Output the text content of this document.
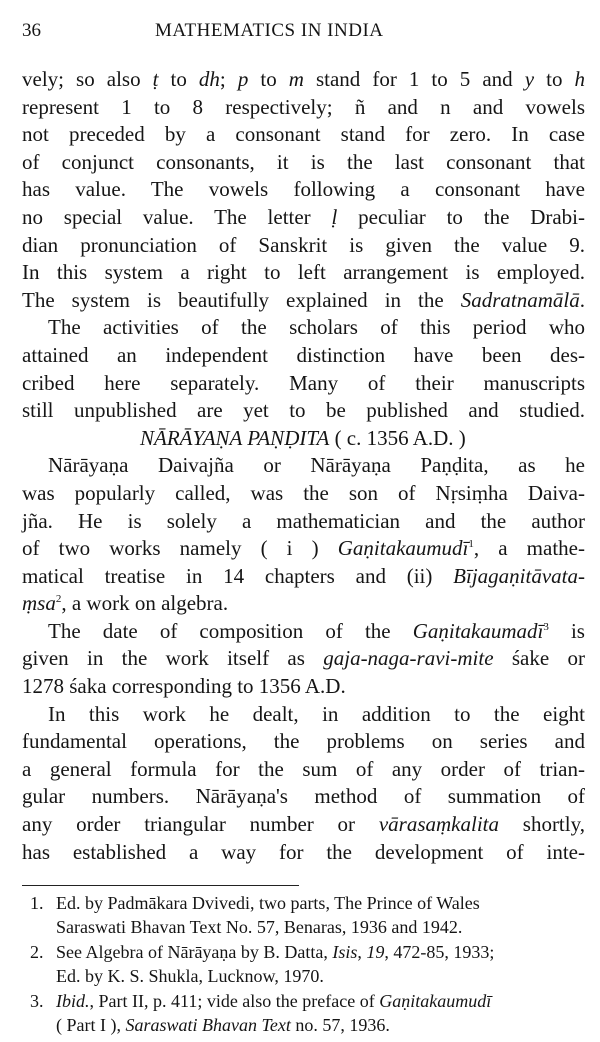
36	MATHEMATICS IN INDIA
vely; so also ṭ to dh; p to m stand for 1 to 5 and y to h
represent 1 to 8 respectively; ñ and n and vowels
not preceded by a consonant stand for zero. In case
of conjunct consonants, it is the last consonant that
has value. The vowels following a consonant have
no special value. The letter ḷ peculiar to the Drabi-
dian pronunciation of Sanskrit is given the value 9.
In this system a right to left arrangement is employed.
The system is beautifully explained in the Sadratnamālā.
The activities of the scholars of this period who
attained an independent distinction have been des-
cribed here separately. Many of their manuscripts
still unpublished are yet to be published and studied.
NĀRĀYAṆA PAṆḌITA ( c. 1356 A.D. )
Nārāyaṇa Daivajña or Nārāyaṇa Paṇḍita, as he
was popularly called, was the son of Nṛsiṃha Daiva-
jña. He is solely a mathematician and the author
of two works namely ( i ) Gaṇitakaumudī$^1$, a mathe-
matical treatise in 14 chapters and (ii) Bījagaṇitāvata-
ṃsa$^2$, a work on algebra.
The date of composition of the Gaṇitakaumadī$^3$ is
given in the work itself as gaja-naga-ravi-mite śake or
1278 śaka corresponding to 1356 A.D.
In this work he dealt, in addition to the eight
fundamental operations, the problems on series and
a general formula for the sum of any order of trian-
gular numbers. Nārāyaṇa's method of summation of
any order triangular number or vārasaṃkalita shortly,
has established a way for the development of inte-
1. Ed. by Padmākara Dvivedi, two parts, The Prince of Wales
Saraswati Bhavan Text No. 57, Benaras, 1936 and 1942.
2. See Algebra of Nārāyaṇa by B. Datta, Isis, 19, 472-85, 1933;
Ed. by K. S. Shukla, Lucknow, 1970.
3. Ibid., Part II, p. 411; vide also the preface of Gaṇitakaumudī
( Part I ), Saraswati Bhavan Text no. 57, 1936.
